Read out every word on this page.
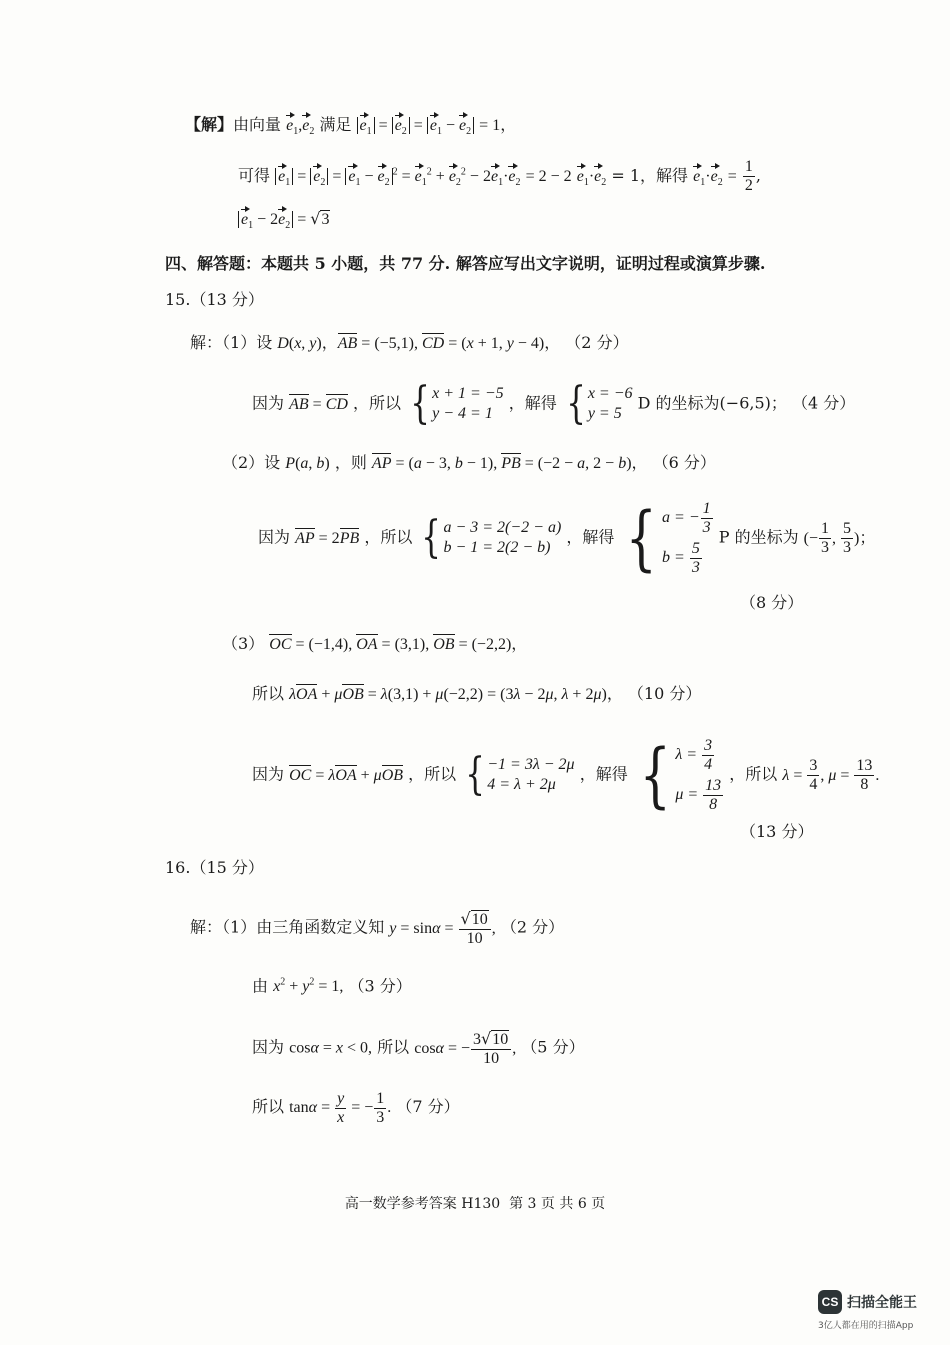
【解】由向量 $e_1,e_2$ 满足 $e_1 = e_2 = e_1 - e_2 = 1$，
可得 $e_1 = e_2 = e_1 - e_2^2 = e_1^2 + e_2^2 - 2e_1\cdot e_2 = 2 - 2$ $e_1\cdot e_2 = 1$，解得 $e_1\cdot e_2 = \frac{1}{2}$ ,
$e_1 - 2e_2 = √3$
四、解答题：本题共 5 小题，共 77 分. 解答应写出文字说明，证明过程或演算步骤.
15.（13 分）
解：（1）设 D(x, y)，AB = (−5,1), CD = (x + 1, y − 4)， （2 分）
因为 AB = CD ，所以 { x + 1 = −5
y − 4 = 1
，解得 { x = −6
y = 5
D 的坐标为(−6,5)； （4 分）
（2）设 P(a, b) ，则 AP = (a − 3, b − 1), PB = (−2 − a, 2 − b)， （6 分）
因为 AP = 2PB ，所以 { a − 3 = 2(−2 − a)
b − 1 = 2(2 − b)
，解得 { a = − $\frac{1}{3}$
$b = \frac{5}{3}$
P 的坐标为 (− $\frac{1}{3}$ , $\frac{5}{3}$ )；
（8 分）
（3） OC = (−1,4), OA = (3,1), OB = (−2,2)，
所以 λOA + μOB = λ(3,1) + μ(−2,2) = (3λ − 2μ, λ + 2μ)， （10 分）
因为 OC = λOA + μOB ，所以 { −1 = 3λ − 2μ
4 = λ + 2μ
，解得 { $\lambda = \frac{3}{4}$
$\mu = \frac{13}{8}$
，所以 $\lambda = \frac{3}{4}$ , $\mu = \frac{13}{8}$ .
（13 分）
16.（15 分）
解：（1）由三角函数定义知 $y = \sin\alpha = \frac{√10}{10}$ , （2 分）
由 $x^2 + y^2 = 1$, （3 分）
因为 cosα = x < 0, 所以 cosα = − $\frac{3√10}{10}$ , （5 分）
所以 $\tan\alpha = \frac{y}{x}$ = − $\frac{1}{3}$ . （7 分）
高一数学参考答案 H130 第 3 页 共 6 页
CS 扫描全能王
3亿人都在用的扫描App
